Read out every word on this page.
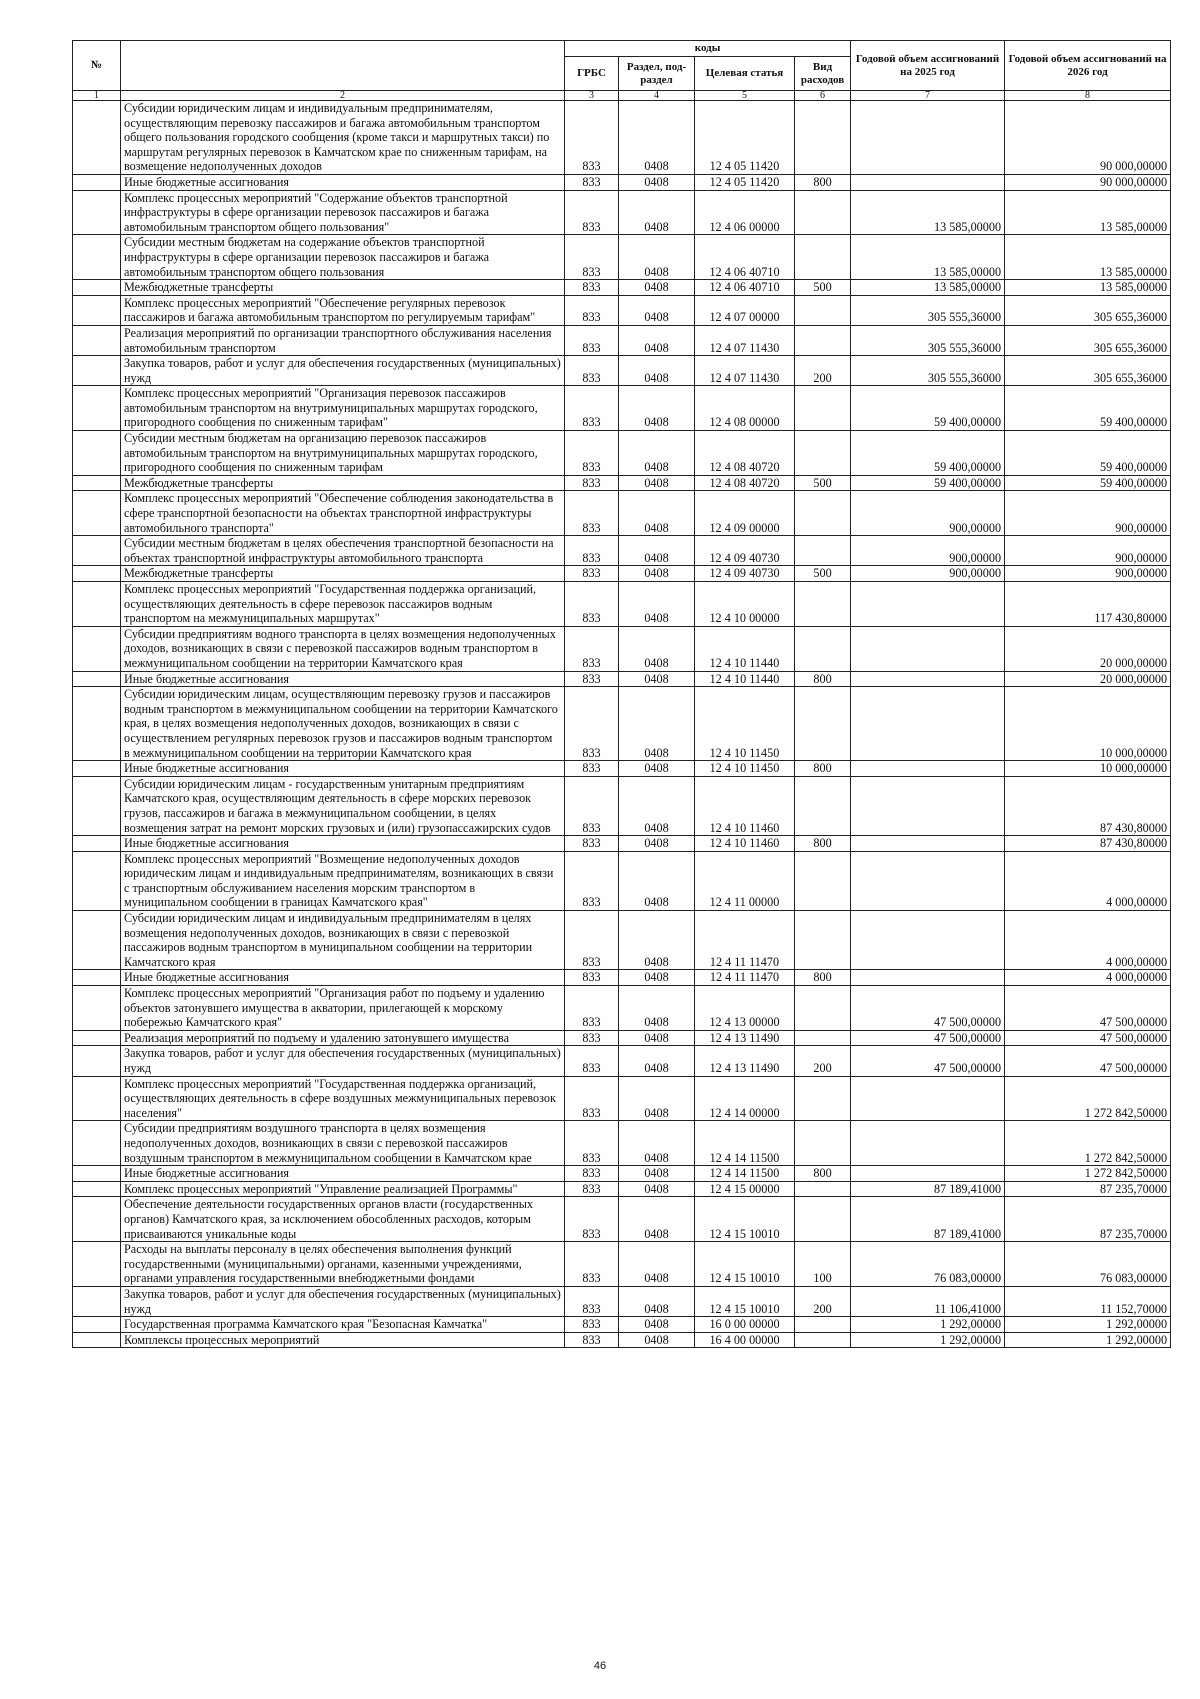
№		коды				Годовой объем ассигнований на 2025 год	Годовой объем ассигнований на 2026 год
		ГРБС	Раздел, под-раздел	Целевая статья	Вид расходов		
1	2	3	4	5	6	7	8
	Субсидии юридическим лицам и индивидуальным предпринимателям, осуществляющим перевозку пассажиров и багажа автомобильным транспортом общего пользования городского сообщения (кроме такси и маршрутных такси) по маршрутам регулярных перевозок в Камчатском крае по сниженным тарифам, на возмещение недополученных доходов	833	0408	12 4 05 11420			90 000,00000
	Иные бюджетные ассигнования	833	0408	12 4 05 11420	800		90 000,00000
	Комплекс процессных мероприятий "Содержание объектов транспортной инфраструктуры в сфере организации перевозок пассажиров и багажа автомобильным транспортом общего пользования"	833	0408	12 4 06 00000		13 585,00000	13 585,00000
	Субсидии местным бюджетам на содержание объектов транспортной инфраструктуры в сфере организации перевозок пассажиров и багажа автомобильным транспортом общего пользования	833	0408	12 4 06 40710		13 585,00000	13 585,00000
	Межбюджетные трансферты	833	0408	12 4 06 40710	500	13 585,00000	13 585,00000
	Комплекс процессных мероприятий "Обеспечение регулярных перевозок пассажиров и багажа автомобильным транспортом по регулируемым тарифам"	833	0408	12 4 07 00000		305 555,36000	305 655,36000
	Реализация мероприятий по организации транспортного обслуживания населения автомобильным транспортом	833	0408	12 4 07 11430		305 555,36000	305 655,36000
	Закупка товаров, работ и услуг для обеспечения государственных (муниципальных) нужд	833	0408	12 4 07 11430	200	305 555,36000	305 655,36000
	Комплекс процессных мероприятий "Организация перевозок пассажиров автомобильным транспортом на внутримуниципальных маршрутах городского, пригородного сообщения по сниженным тарифам"	833	0408	12 4 08 00000		59 400,00000	59 400,00000
	Субсидии местным бюджетам на организацию перевозок пассажиров автомобильным транспортом на внутримуниципальных маршрутах городского, пригородного сообщения по сниженным тарифам	833	0408	12 4 08 40720		59 400,00000	59 400,00000
	Межбюджетные трансферты	833	0408	12 4 08 40720	500	59 400,00000	59 400,00000
	Комплекс процессных мероприятий "Обеспечение соблюдения законодательства в сфере транспортной безопасности на объектах транспортной инфраструктуры автомобильного транспорта"	833	0408	12 4 09 00000		900,00000	900,00000
	Субсидии местным бюджетам в целях обеспечения транспортной безопасности на объектах транспортной инфраструктуры автомобильного транспорта	833	0408	12 4 09 40730		900,00000	900,00000
	Межбюджетные трансферты	833	0408	12 4 09 40730	500	900,00000	900,00000
	Комплекс процессных мероприятий "Государственная поддержка организаций, осуществляющих деятельность в сфере перевозок пассажиров водным транспортом на межмуниципальных маршрутах"	833	0408	12 4 10 00000			117 430,80000
	Субсидии предприятиям водного транспорта в целях возмещения недополученных доходов, возникающих в связи с перевозкой пассажиров водным транспортом в межмуниципальном сообщении на территории Камчатского края	833	0408	12 4 10 11440			20 000,00000
	Иные бюджетные ассигнования	833	0408	12 4 10 11440	800		20 000,00000
	Субсидии юридическим лицам, осуществляющим перевозку грузов и пассажиров водным транспортом в межмуниципальном сообщении на территории Камчатского края, в целях возмещения недополученных доходов, возникающих в связи с осуществлением регулярных перевозок грузов и пассажиров водным транспортом в межмуниципальном сообщении на территории Камчатского края	833	0408	12 4 10 11450			10 000,00000
	Иные бюджетные ассигнования	833	0408	12 4 10 11450	800		10 000,00000
	Субсидии юридическим лицам - государственным унитарным предприятиям Камчатского края, осуществляющим деятельность в сфере морских перевозок грузов, пассажиров и багажа в межмуниципальном сообщении, в целях возмещения затрат на ремонт морских грузовых и (или) грузопассажирских судов	833	0408	12 4 10 11460			87 430,80000
	Иные бюджетные ассигнования	833	0408	12 4 10 11460	800		87 430,80000
	Комплекс процессных мероприятий "Возмещение недополученных доходов юридическим лицам и индивидуальным предпринимателям, возникающих в связи с транспортным обслуживанием населения морским транспортом в муниципальном сообщении в границах Камчатского края"	833	0408	12 4 11 00000			4 000,00000
	Субсидии юридическим лицам и индивидуальным предпринимателям в целях возмещения недополученных доходов, возникающих в связи с перевозкой пассажиров водным транспортом в муниципальном сообщении на территории Камчатского края	833	0408	12 4 11 11470			4 000,00000
	Иные бюджетные ассигнования	833	0408	12 4 11 11470	800		4 000,00000
	Комплекс процессных мероприятий "Организация работ по подъему и удалению объектов затонувшего имущества в акватории, прилегающей к морскому побережью Камчатского края"	833	0408	12 4 13 00000		47 500,00000	47 500,00000
	Реализация мероприятий по подъему и удалению затонувшего имущества	833	0408	12 4 13 11490		47 500,00000	47 500,00000
	Закупка товаров, работ и услуг для обеспечения государственных (муниципальных) нужд	833	0408	12 4 13 11490	200	47 500,00000	47 500,00000
	Комплекс процессных мероприятий "Государственная поддержка организаций, осуществляющих деятельность в сфере воздушных межмуниципальных перевозок населения"	833	0408	12 4 14 00000			1 272 842,50000
	Субсидии предприятиям воздушного транспорта в целях возмещения недополученных доходов, возникающих в связи с перевозкой пассажиров воздушным транспортом в межмуниципальном сообщении в Камчатском крае	833	0408	12 4 14 11500			1 272 842,50000
	Иные бюджетные ассигнования	833	0408	12 4 14 11500	800		1 272 842,50000
	Комплекс процессных мероприятий "Управление реализацией Программы"	833	0408	12 4 15 00000		87 189,41000	87 235,70000
	Обеспечение деятельности государственных органов власти (государственных органов) Камчатского края, за исключением обособленных расходов, которым присваиваются уникальные коды	833	0408	12 4 15 10010		87 189,41000	87 235,70000
	Расходы на выплаты персоналу в целях обеспечения выполнения функций государственными (муниципальными) органами, казенными учреждениями, органами управления государственными внебюджетными фондами	833	0408	12 4 15 10010	100	76 083,00000	76 083,00000
	Закупка товаров, работ и услуг для обеспечения государственных (муниципальных) нужд	833	0408	12 4 15 10010	200	11 106,41000	11 152,70000
	Государственная программа Камчатского края "Безопасная Камчатка"	833	0408	16 0 00 00000		1 292,00000	1 292,00000
	Комплексы процессных мероприятий	833	0408	16 4 00 00000		1 292,00000	1 292,00000
46
